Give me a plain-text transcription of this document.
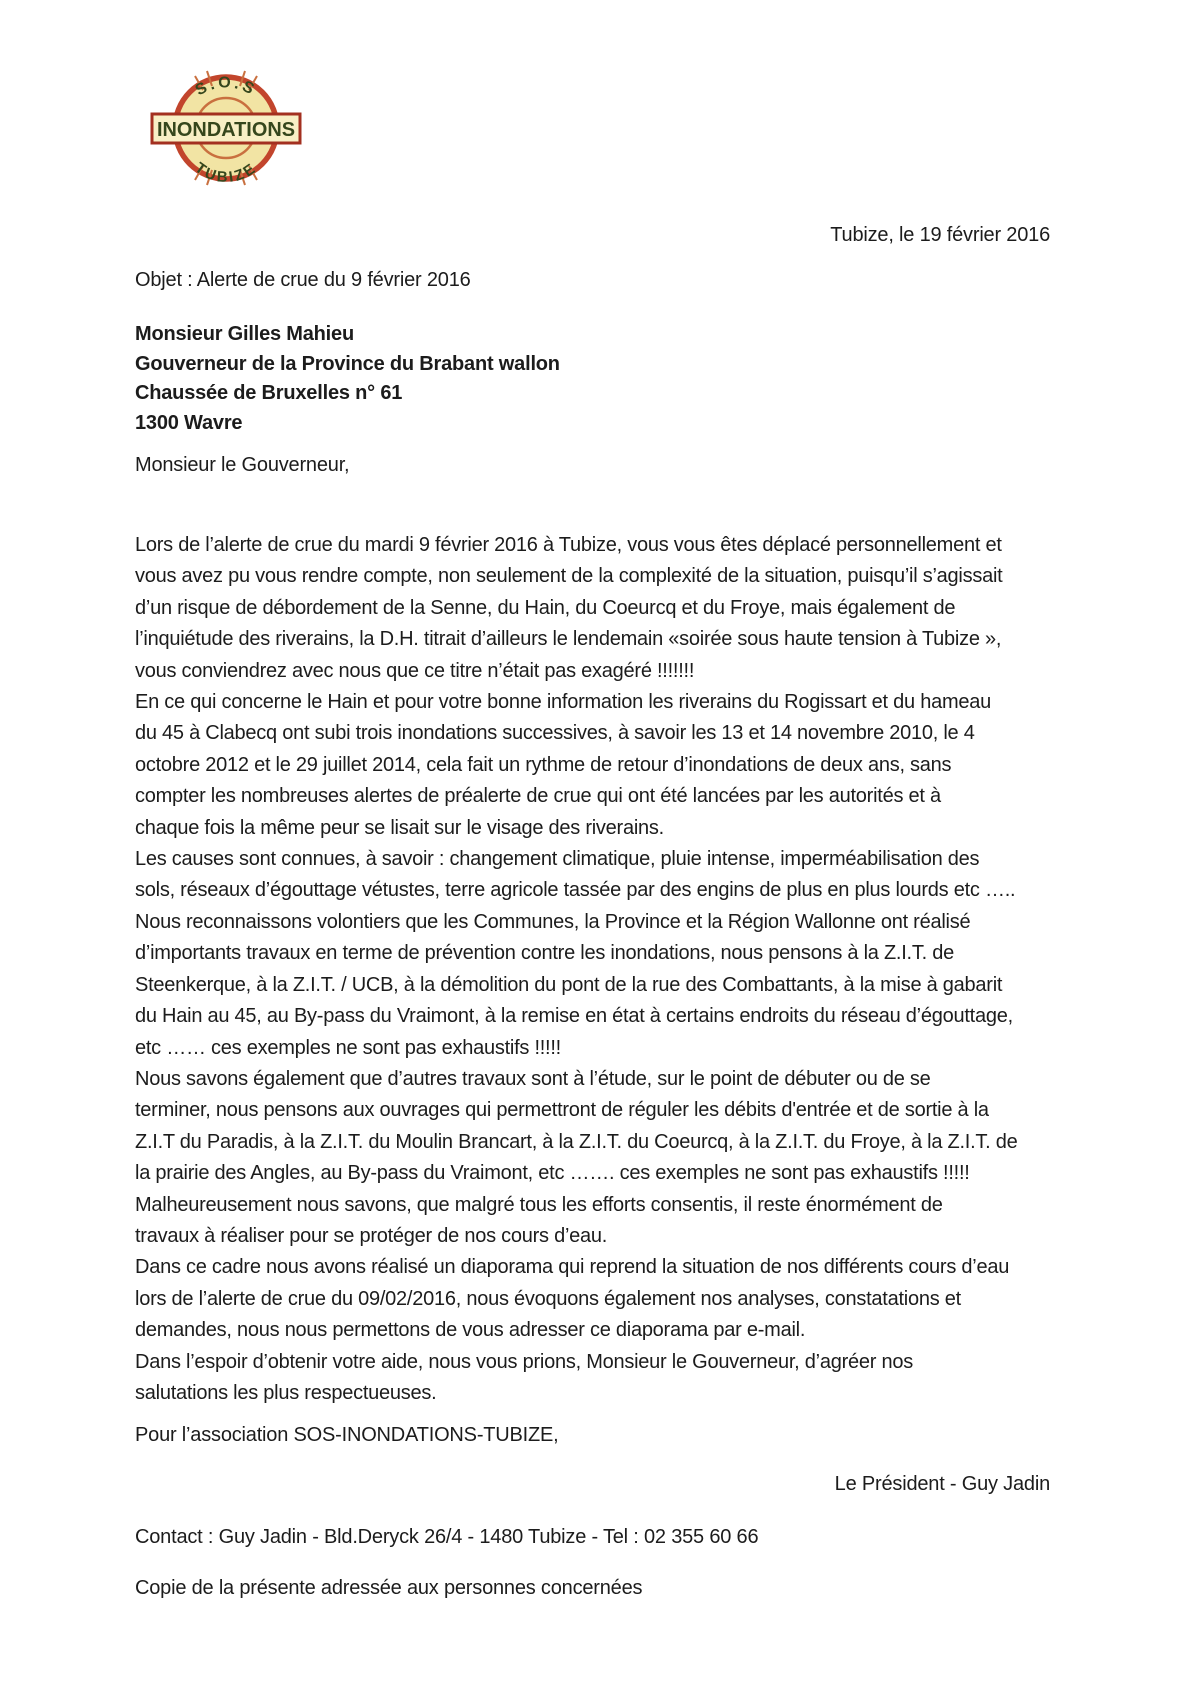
S.O.S
INONDATIONS
TUBIZE
Tubize, le 19 février 2016
Objet : Alerte de crue du 9 février 2016
Monsieur Gilles Mahieu
Gouverneur de la Province du Brabant wallon
Chaussée de Bruxelles n° 61
1300 Wavre
Monsieur le Gouverneur,
Lors de l’alerte de crue du mardi 9 février 2016 à Tubize, vous vous êtes déplacé personnellement et
vous avez pu vous rendre compte, non seulement de la complexité de la situation, puisqu’il s’agissait
d’un risque de débordement de la Senne, du Hain, du Coeurcq et du Froye, mais également de
l’inquiétude des riverains, la D.H. titrait d’ailleurs le lendemain «soirée sous haute tension à Tubize »,
vous conviendrez avec nous que ce titre n’était pas exagéré !!!!!!!
En ce qui concerne le Hain et pour votre bonne information les riverains du Rogissart et du hameau
du 45 à Clabecq ont subi trois inondations successives, à savoir les 13 et 14 novembre 2010, le 4
octobre 2012 et le 29 juillet 2014, cela fait un rythme de retour d’inondations de deux ans, sans
compter les nombreuses alertes de préalerte de crue qui ont été lancées par les autorités et à
chaque fois la même peur se lisait sur le visage des riverains.
Les causes sont connues, à savoir : changement climatique, pluie intense, imperméabilisation des
sols, réseaux d’égouttage vétustes, terre agricole tassée par des engins de plus en plus lourds etc …..
Nous reconnaissons volontiers que les Communes, la Province et la Région Wallonne ont réalisé
d’importants travaux en terme de prévention contre les inondations, nous pensons à la Z.I.T. de
Steenkerque, à la Z.I.T. / UCB, à la démolition du pont de la rue des Combattants, à la mise à gabarit
du Hain au 45, au By-pass du Vraimont, à la remise en état à certains endroits du réseau d’égouttage,
etc …… ces exemples ne sont pas exhaustifs !!!!!
Nous savons également que d’autres travaux sont à l’étude, sur le point de débuter ou de se
terminer, nous pensons aux ouvrages qui permettront de réguler les débits d'entrée et de sortie à la
Z.I.T du Paradis, à la Z.I.T. du Moulin Brancart, à la Z.I.T. du Coeurcq, à la Z.I.T. du Froye, à la Z.I.T. de
la prairie des Angles, au By-pass du Vraimont, etc ……. ces exemples ne sont pas exhaustifs !!!!!
Malheureusement nous savons, que malgré tous les efforts consentis, il reste énormément de
travaux à réaliser pour se protéger de nos cours d’eau.
Dans ce cadre nous avons réalisé un diaporama qui reprend la situation de nos différents cours d’eau
lors de l’alerte de crue du 09/02/2016, nous évoquons également nos analyses, constatations et
demandes, nous nous permettons de vous adresser ce diaporama par e-mail.
Dans l’espoir d’obtenir votre aide, nous vous prions, Monsieur le Gouverneur, d’agréer nos
salutations les plus respectueuses.
Pour l’association SOS-INONDATIONS-TUBIZE,
Le Président - Guy Jadin
Contact : Guy Jadin - Bld.Deryck 26/4 - 1480 Tubize - Tel : 02 355 60 66
Copie de la présente adressée aux personnes concernées
